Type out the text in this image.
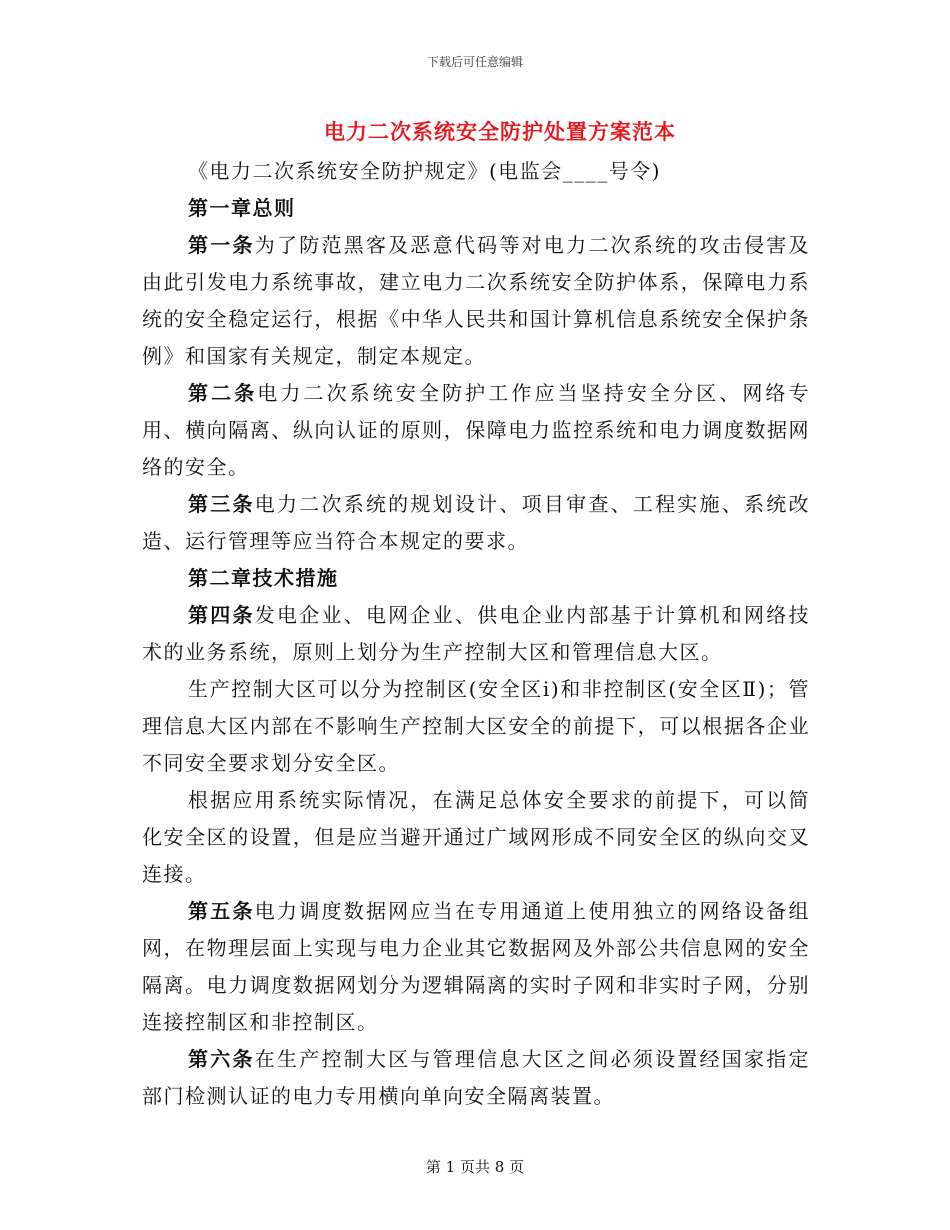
下载后可任意编辑
电力二次系统安全防护处置方案范本

《电力二次系统安全防护规定》(电监会____号令)

第一章总则

第一条为了防范黑客及恶意代码等对电力二次系统的攻击侵害及由此引发电力系统事故，建立电力二次系统安全防护体系，保障电力系统的安全稳定运行，根据《中华人民共和国计算机信息系统安全保护条例》和国家有关规定，制定本规定。

第二条电力二次系统安全防护工作应当坚持安全分区、网络专用、横向隔离、纵向认证的原则，保障电力监控系统和电力调度数据网络的安全。

第三条电力二次系统的规划设计、项目审查、工程实施、系统改造、运行管理等应当符合本规定的要求。

第二章技术措施

第四条发电企业、电网企业、供电企业内部基于计算机和网络技术的业务系统，原则上划分为生产控制大区和管理信息大区。

生产控制大区可以分为控制区(安全区ⅰ)和非控制区(安全区Ⅱ)；管理信息大区内部在不影响生产控制大区安全的前提下，可以根据各企业不同安全要求划分安全区。

根据应用系统实际情况，在满足总体安全要求的前提下，可以简化安全区的设置，但是应当避开通过广域网形成不同安全区的纵向交叉连接。

第五条电力调度数据网应当在专用通道上使用独立的网络设备组网，在物理层面上实现与电力企业其它数据网及外部公共信息网的安全隔离。电力调度数据网划分为逻辑隔离的实时子网和非实时子网，分别连接控制区和非控制区。

第六条在生产控制大区与管理信息大区之间必须设置经国家指定部门检测认证的电力专用横向单向安全隔离装置。

第 1 页共 8 页
